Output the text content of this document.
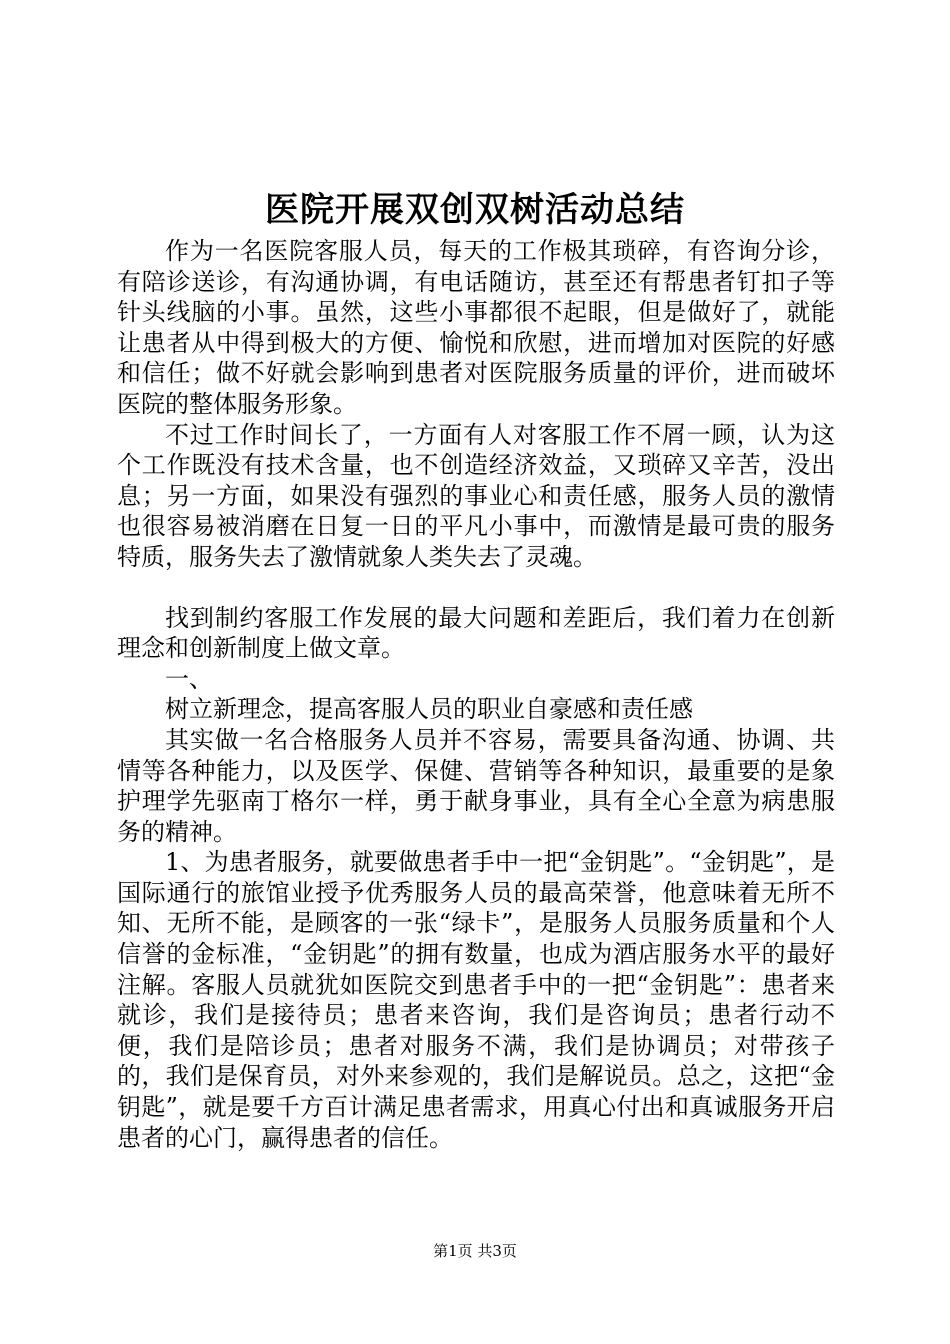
医院开展双创双树活动总结

作为一名医院客服人员，每天的工作极其琐碎，有咨询分诊，有陪诊送诊，有沟通协调，有电话随访，甚至还有帮患者钉扣子等针头线脑的小事。虽然，这些小事都很不起眼，但是做好了，就能让患者从中得到极大的方便、愉悦和欣慰，进而增加对医院的好感和信任；做不好就会影响到患者对医院服务质量的评价，进而破坏医院的整体服务形象。

不过工作时间长了，一方面有人对客服工作不屑一顾，认为这个工作既没有技术含量，也不创造经济效益，又琐碎又辛苦，没出息；另一方面，如果没有强烈的事业心和责任感，服务人员的激情也很容易被消磨在日复一日的平凡小事中，而激情是最可贵的服务特质，服务失去了激情就象人类失去了灵魂。

找到制约客服工作发展的最大问题和差距后，我们着力在创新理念和创新制度上做文章。

一、

树立新理念，提高客服人员的职业自豪感和责任感

其实做一名合格服务人员并不容易，需要具备沟通、协调、共情等各种能力，以及医学、保健、营销等各种知识，最重要的是象护理学先驱南丁格尔一样，勇于献身事业，具有全心全意为病患服务的精神。

1、为患者服务，就要做患者手中一把“金钥匙”。“金钥匙”，是国际通行的旅馆业授予优秀服务人员的最高荣誉，他意味着无所不知、无所不能，是顾客的一张“绿卡”，是服务人员服务质量和个人信誉的金标准，“金钥匙”的拥有数量，也成为酒店服务水平的最好注解。客服人员就犹如医院交到患者手中的一把“金钥匙”：患者来就诊，我们是接待员；患者来咨询，我们是咨询员；患者行动不便，我们是陪诊员；患者对服务不满，我们是协调员；对带孩子的，我们是保育员，对外来参观的，我们是解说员。总之，这把“金钥匙”，就是要千方百计满足患者需求，用真心付出和真诚服务开启患者的心门，赢得患者的信任。

第1页 共3页
